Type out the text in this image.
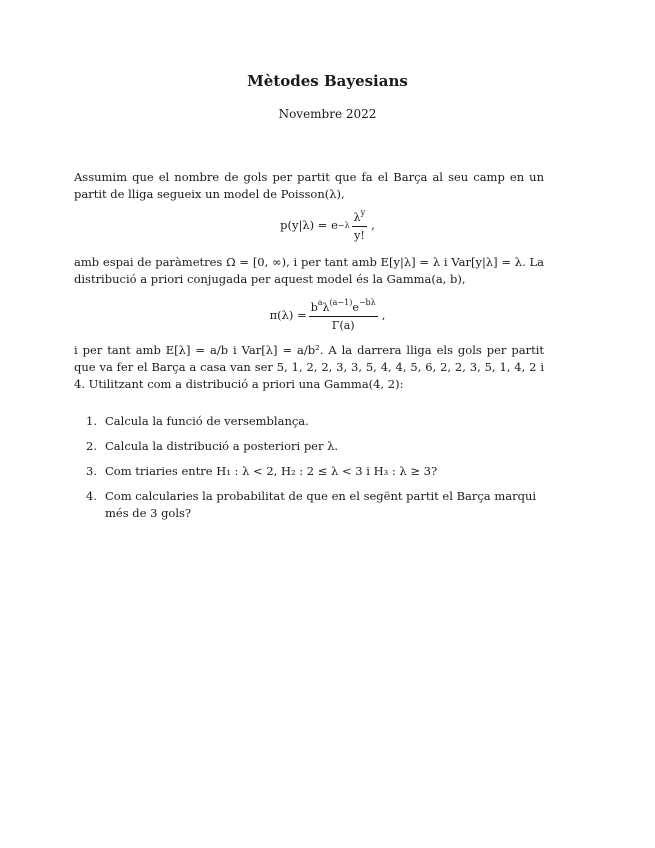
Mètodes Bayesians
Novembre 2022
Assumim que el nombre de gols per partit que fa el Barça al seu camp en un partit de lliga segueix un model de Poisson(λ),
$p(y|\lambda) = e -\lambda \frac{\lambda^y}{y!}$ ,
amb espai de paràmetres Ω = [0, ∞), i per tant amb E[y|λ] = λ i Var[y|λ] = λ. La distribució a priori conjugada per aquest model és la Gamma(a, b),
$\pi(\lambda) = \frac{b^a\lambda^{(a-1)}e^{-b\lambda}}{\Gamma(a)}$ ,
i per tant amb E[λ] = a/b i Var[λ] = a/b². A la darrera lliga els gols per partit que va fer el Barça a casa van ser 5, 1, 2, 2, 3, 3, 5, 4, 4, 5, 6, 2, 2, 3, 5, 1, 4, 2 i 4. Utilitzant com a distribució a priori una Gamma(4, 2):
1. Calcula la funció de versemblança.
2. Calcula la distribució a posteriori per λ.
3. Com triaries entre H₁ : λ < 2, H₂ : 2 ≤ λ < 3 i H₃ : λ ≥ 3?
4. Com calcularies la probabilitat de que en el segënt partit el Barça marqui més de 3 gols?
